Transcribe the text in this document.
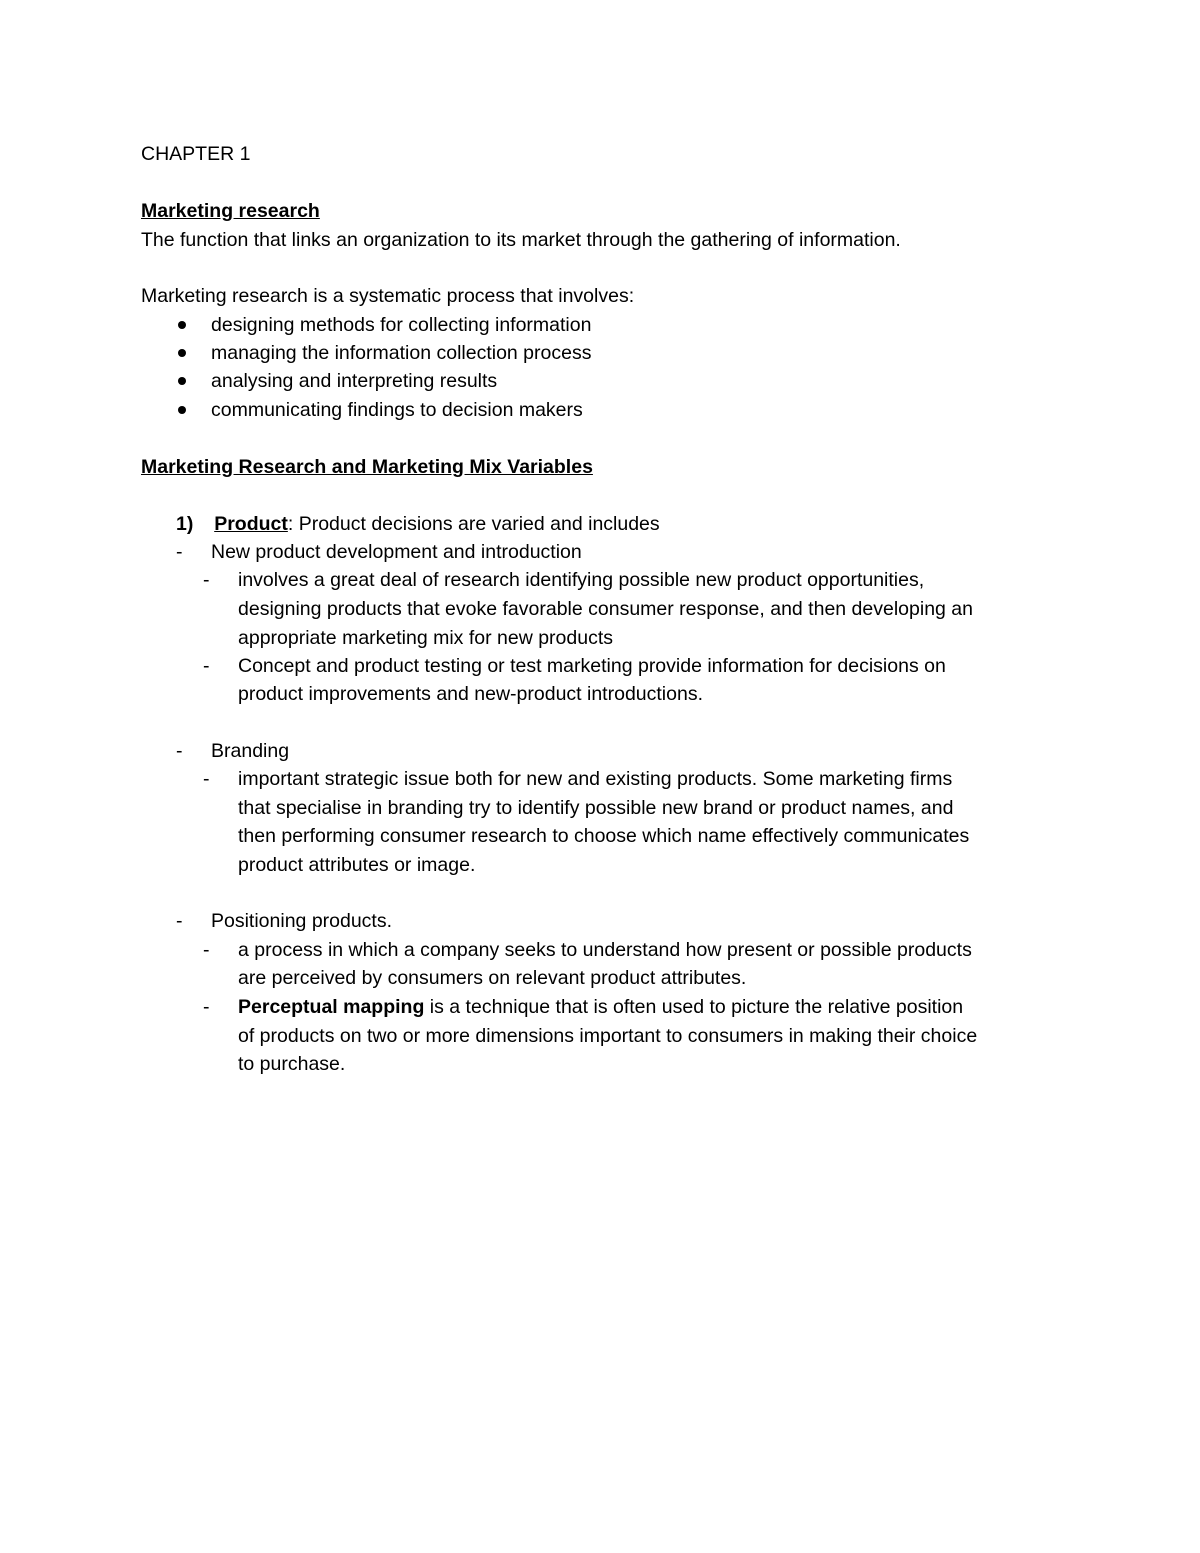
CHAPTER 1
Marketing research
The function that links an organization to its market through the gathering of information.
Marketing research is a systematic process that involves:
designing methods for collecting information
managing the information collection process
analysing and interpreting results
communicating findings to decision makers
Marketing Research and Marketing Mix Variables
1) Product: Product decisions are varied and includes
- New product development and introduction
- involves a great deal of research identifying possible new product opportunities,
designing products that evoke favorable consumer response, and then developing an
appropriate marketing mix for new products
- Concept and product testing or test marketing provide information for decisions on
product improvements and new-product introductions.
- Branding
- important strategic issue both for new and existing products. Some marketing firms
that specialise in branding try to identify possible new brand or product names, and
then performing consumer research to choose which name effectively communicates
product attributes or image.
- Positioning products.
- a process in which a company seeks to understand how present or possible products
are perceived by consumers on relevant product attributes.
- Perceptual mapping is a technique that is often used to picture the relative position
of products on two or more dimensions important to consumers in making their choice
to purchase.
